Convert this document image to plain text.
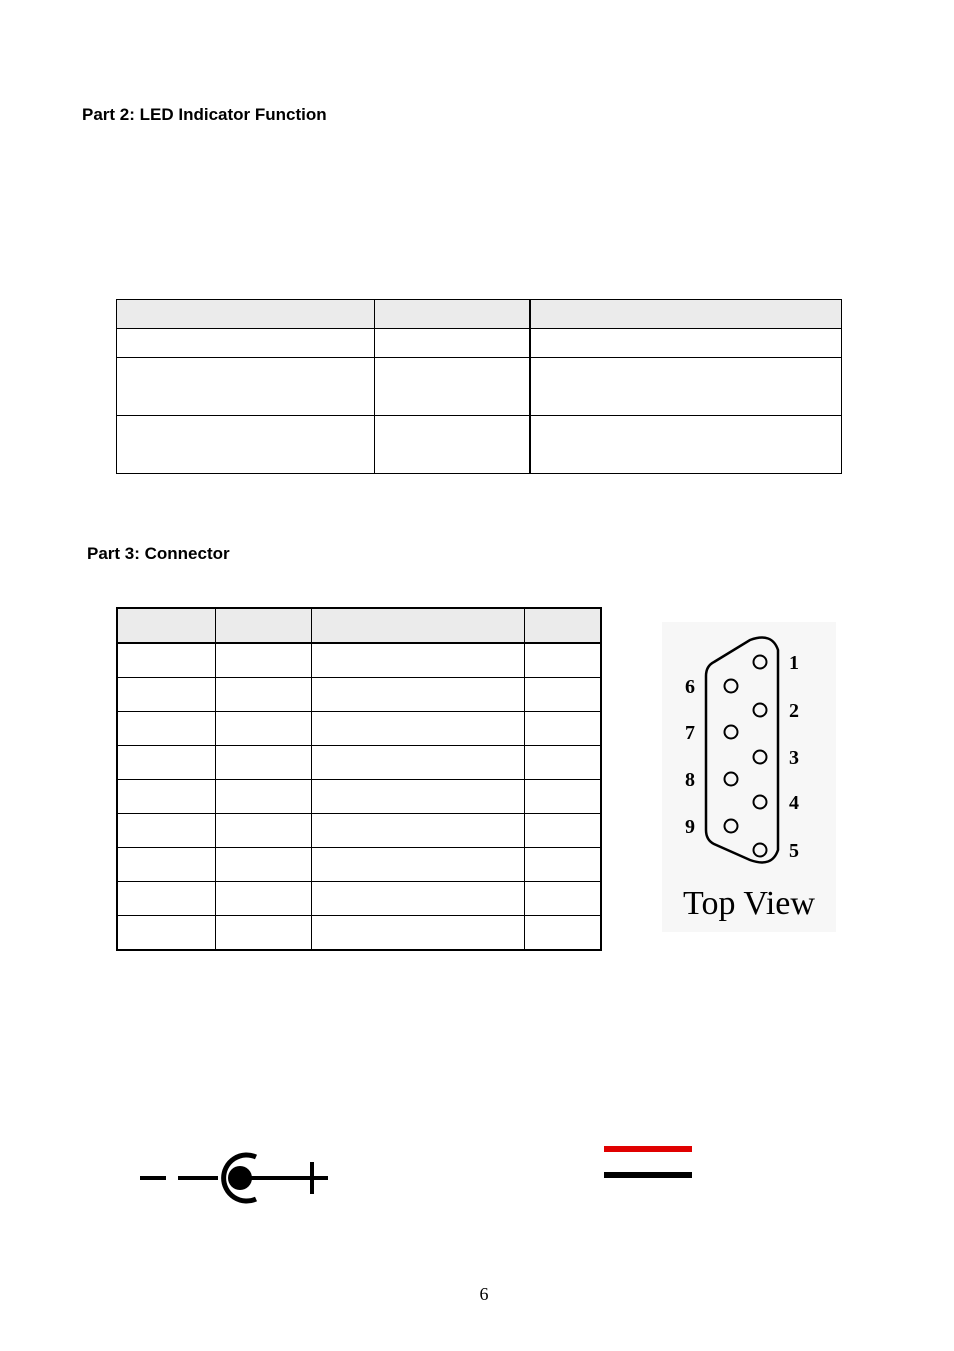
Part 2: LED Indicator Function

Part 3: Connector

1
2
3
4
5
6
7
8
9
Top View
6
